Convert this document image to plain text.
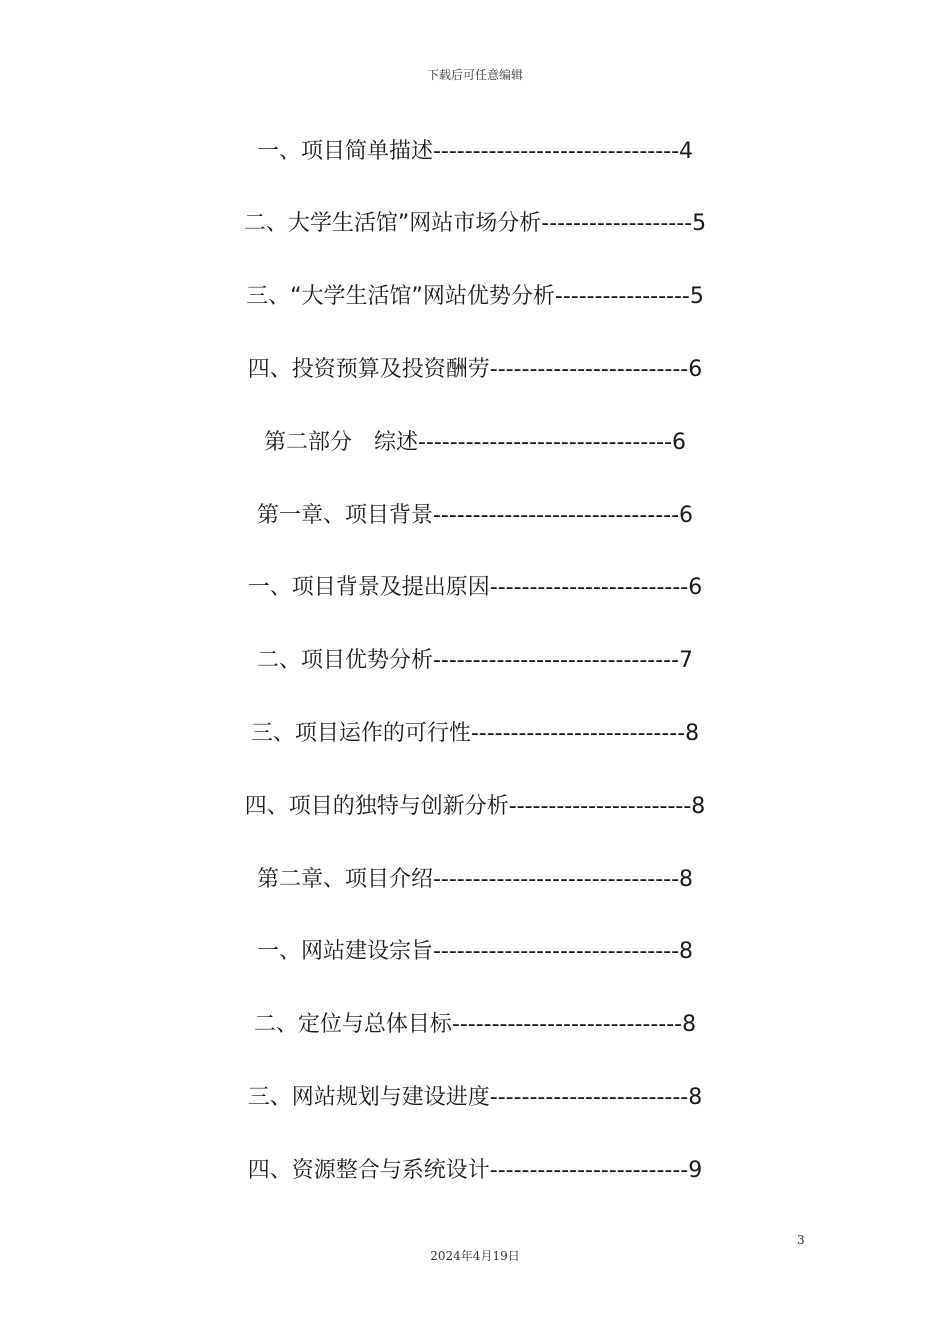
下载后可任意编辑
一、项目简单描述-------------------------------4
二、大学生活馆”网站市场分析-------------------5
三、“大学生活馆”网站优势分析-----------------5
四、投资预算及投资酬劳-------------------------6
第二部分　综述--------------------------------6
第一章、项目背景-------------------------------6
一、项目背景及提出原因-------------------------6
二、项目优势分析-------------------------------7
三、项目运作的可行性---------------------------8
四、项目的独特与创新分析-----------------------8
第二章、项目介绍-------------------------------8
一、网站建设宗旨-------------------------------8
二、定位与总体目标-----------------------------8
三、网站规划与建设进度-------------------------8
四、资源整合与系统设计-------------------------9
3
2024年4月19日
